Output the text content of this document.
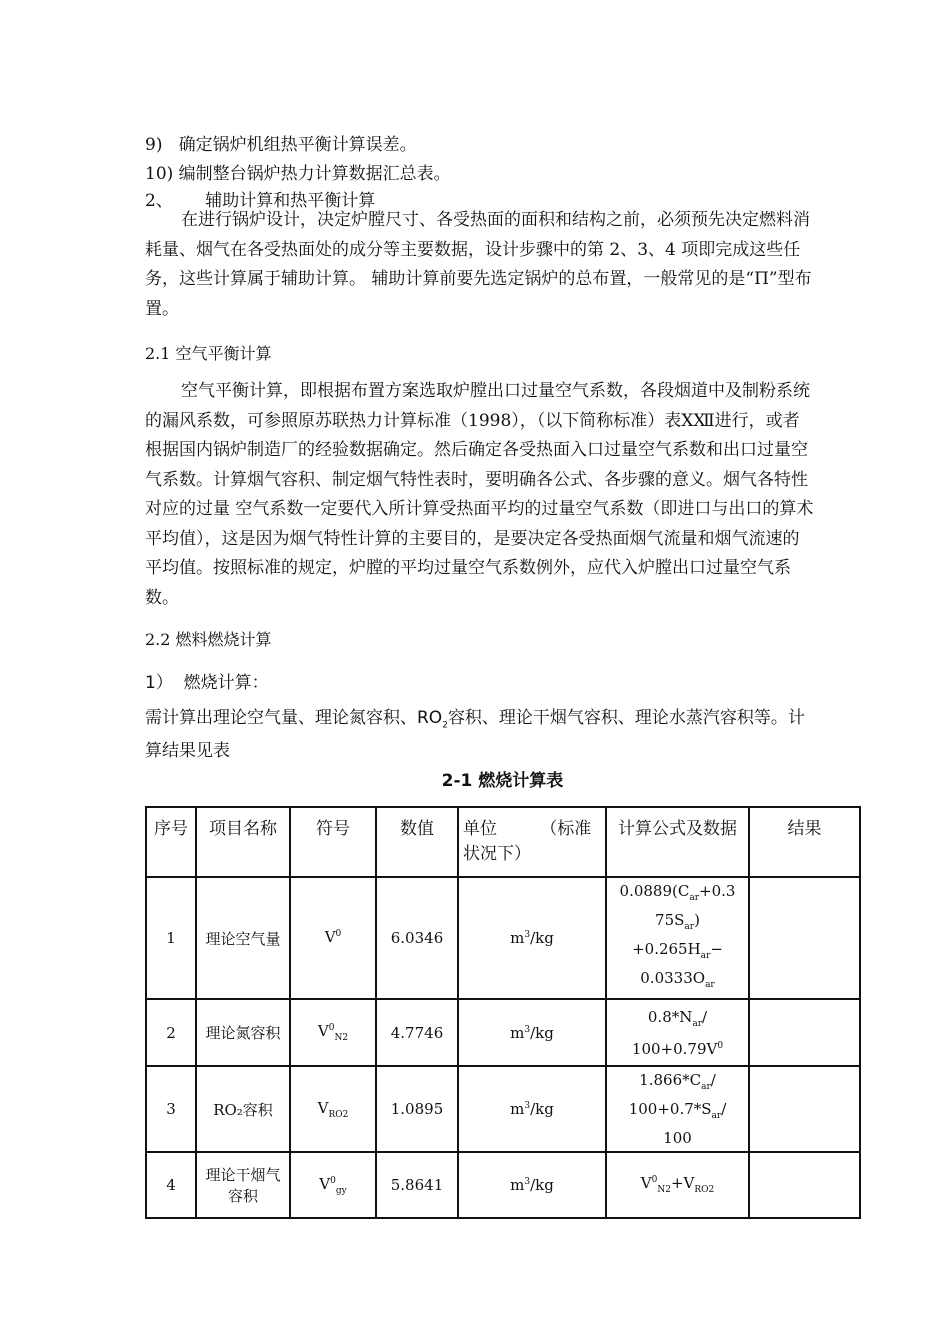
9)   确定锅炉机组热平衡计算误差。
10) 编制整台锅炉热力计算数据汇总表。
2、      辅助计算和热平衡计算

在进行锅炉设计，决定炉膛尺寸、各受热面的面积和结构之前，必须预先决定燃料消耗量、烟气在各受热面处的成分等主要数据，设计步骤中的第 2、3、4 项即完成这些任务，这些计算属于辅助计算。 辅助计算前要先选定锅炉的总布置，一般常见的是“Π”型布置。

2.1 空气平衡计算

空气平衡计算，即根据布置方案选取炉膛出口过量空气系数，各段烟道中及制粉系统的漏风系数，可参照原苏联热力计算标准（1998），（以下简称标准）表ⅩⅫ进行，或者根据国内锅炉制造厂的经验数据确定。然后确定各受热面入口过量空气系数和出口过量空气系数。计算烟气容积、制定烟气特性表时，要明确各公式、各步骤的意义。烟气各特性对应的过量 空气系数一定要代入所计算受热面平均的过量空气系数（即进口与出口的算术平均值），这是因为烟气特性计算的主要目的，是要决定各受热面烟气流量和烟气流速的平均值。按照标准的规定，炉膛的平均过量空气系数例外，应代入炉膛出口过量空气系数。

2.2 燃料燃烧计算
1）  燃烧计算：
需计算出理论空气量、理论氮容积、$RO_2$容积、理论干烟气容积、理论水蒸汽容积等。计算结果见表
2-1 燃烧计算表
序号	项目名称	符号	数值	单位        （标准状况下）	计算公式及数据	结果
1	理论空气量	$V^0$	6.0346	$m^3/kg$	$0.0889(C_{ar}+0.3$
$75S_{ar}$)
$+0.265H_{ar}-$
$0.0333O_{ar}$	
2	理论氮容积	$V^0_{N2}$	4.7746	$m^3/kg$	$0.8*N_{ar}/$
$100+0.79V^0$	
3	RO₂容积	$V_{RO2}$	1.0895	$m^3/kg$	$1.866*C_{ar}/$
$100+0.7*S_{ar}/$
100	
4	理论干烟气容积	$V^0_{gy}$	5.8641	$m^3/kg$	$V^0_{N2}+V_{RO2}$	
